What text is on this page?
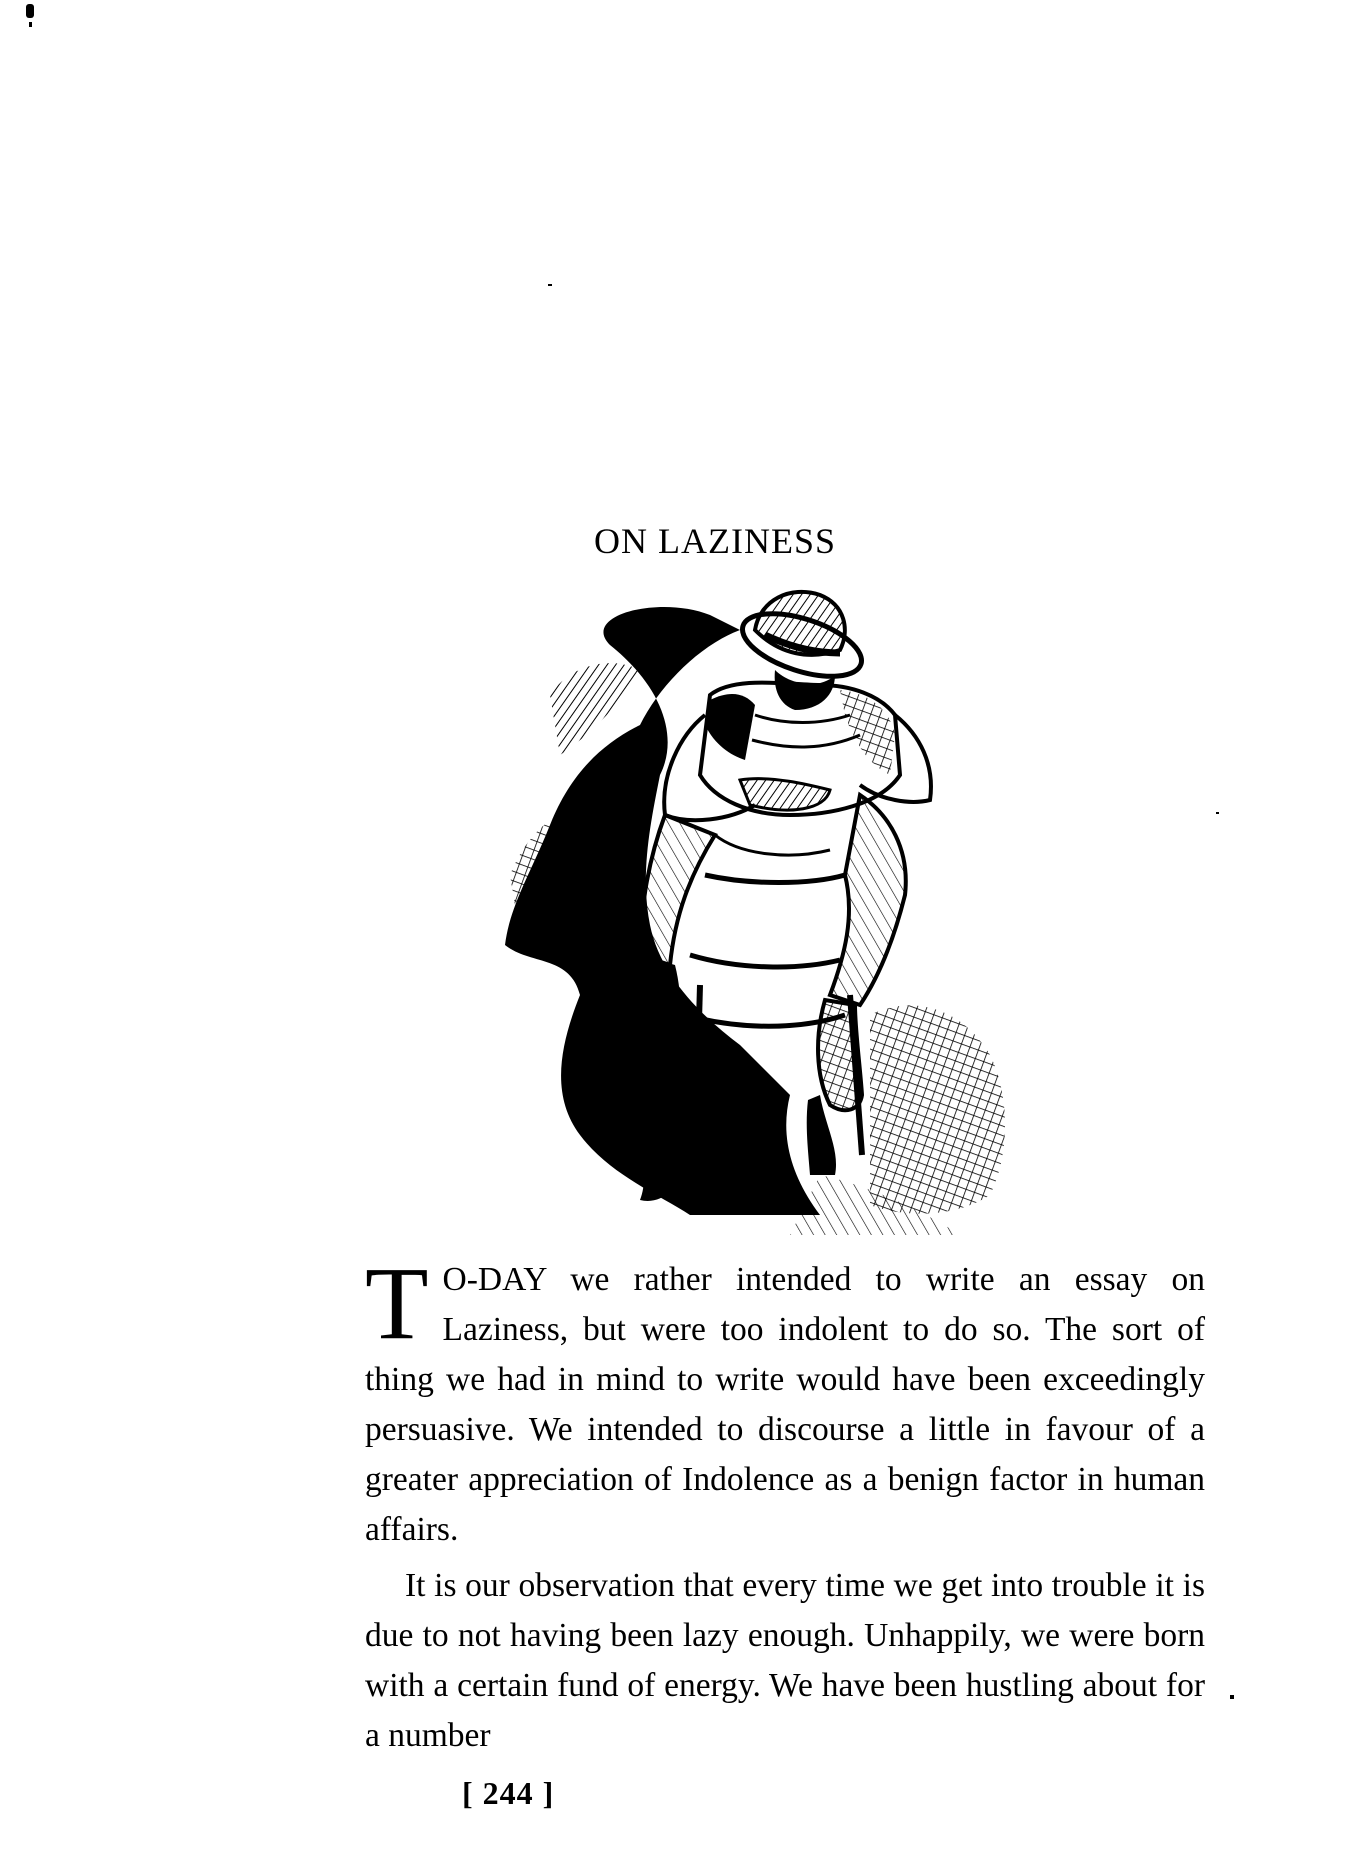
ON LAZINESS

T O-DAY we rather intended to write an essay on Laziness, but were too indolent to do so. The sort of thing we had in mind to write would have been exceedingly persuasive. We intended to discourse a little in favour of a greater appreciation of Indolence as a benign factor in human affairs.

It is our observation that every time we get into trouble it is due to not having been lazy enough. Unhappily, we were born with a certain fund of energy. We have been hustling about for a number

[ 244 ]
